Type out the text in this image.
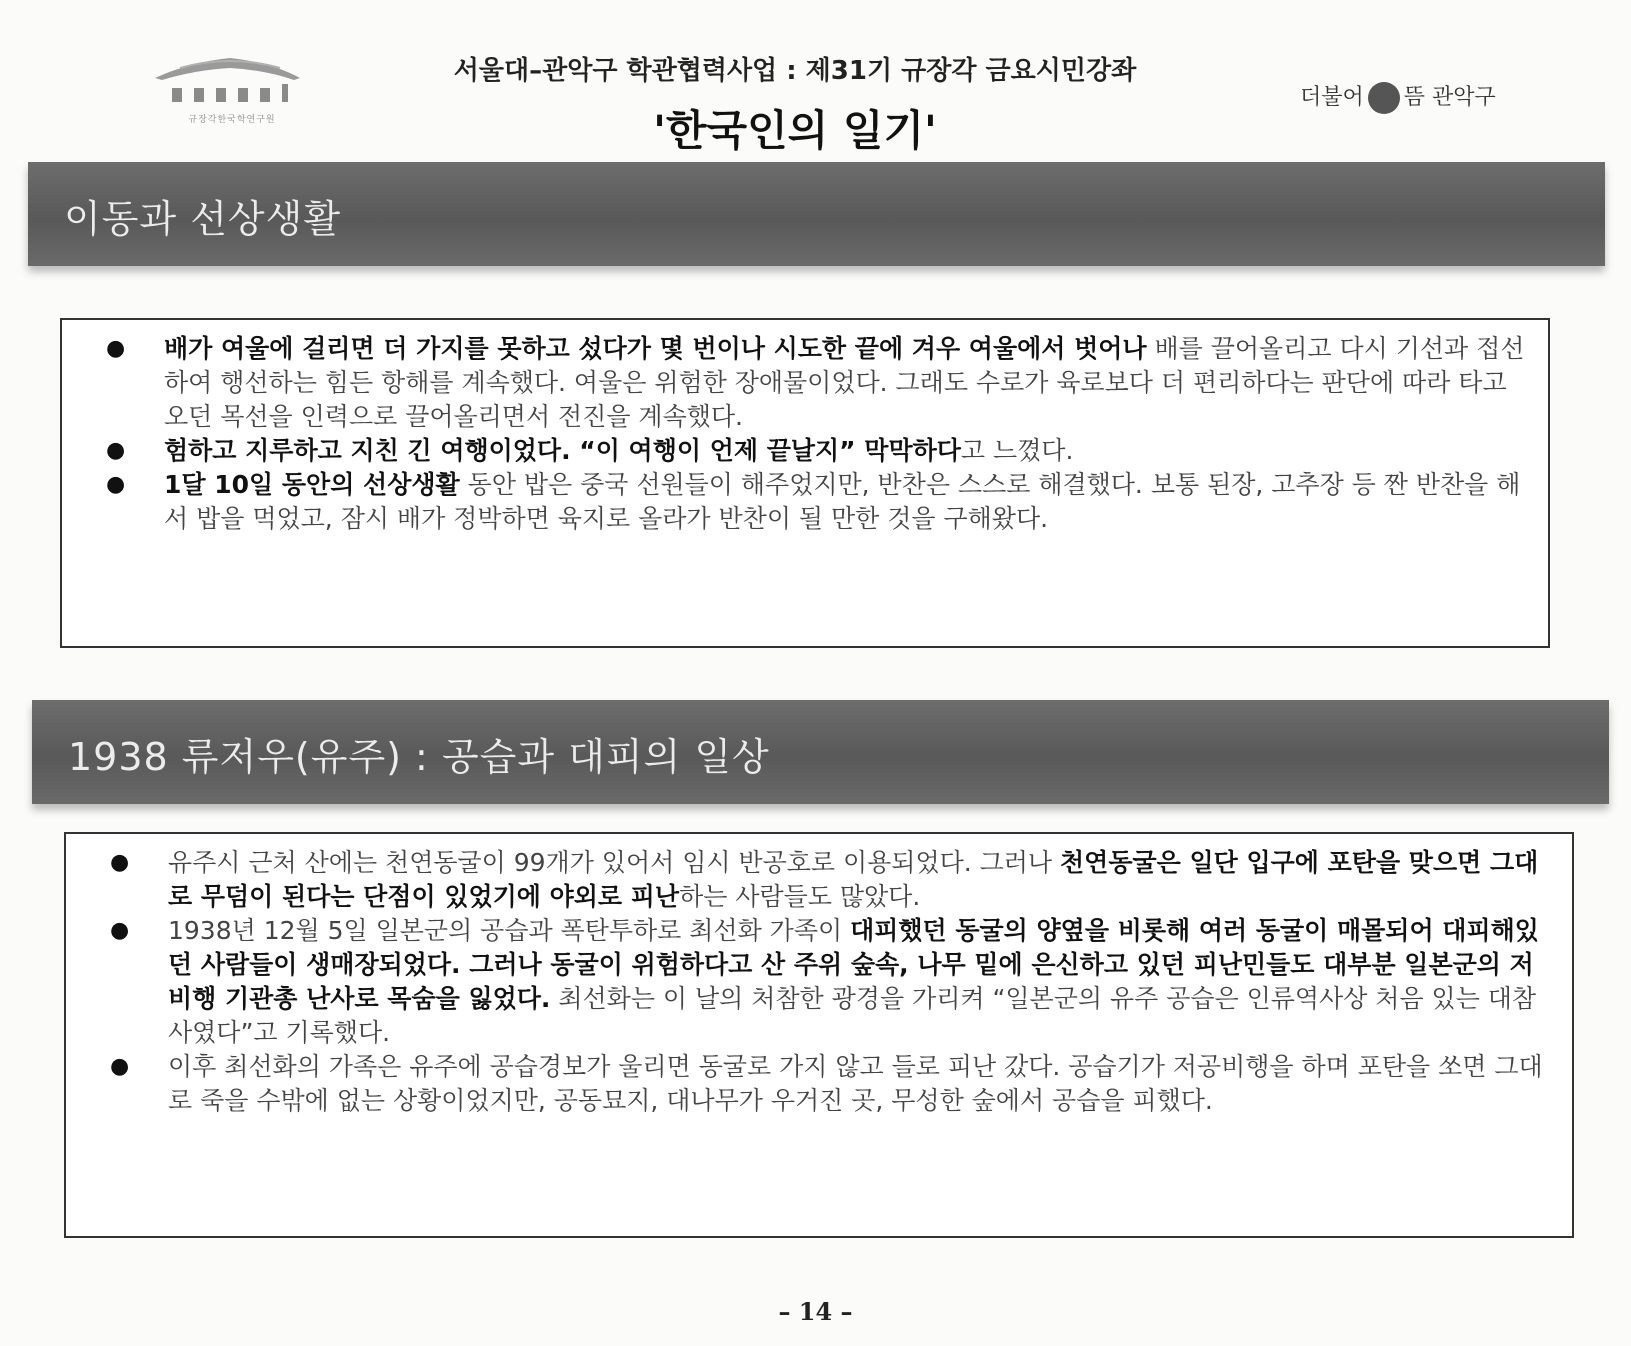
규장각한국학연구원
서울대–관악구 학관협력사업 : 제31기 규장각 금요시민강좌
'한국인의 일기'
더불어 뜸 관악구
이동과 선상생활
● 배가 여울에 걸리면 더 가지를 못하고 섰다가 몇 번이나 시도한 끝에 겨우 여울에서 벗어나 배를 끌어올리고 다시 기선과 접선하여 행선하는 힘든 항해를 계속했다. 여울은 위험한 장애물이었다. 그래도 수로가 육로보다 더 편리하다는 판단에 따라 타고 오던 목선을 인력으로 끌어올리면서 전진을 계속했다.
● 험하고 지루하고 지친 긴 여행이었다. “이 여행이 언제 끝날지” 막막하다고 느꼈다.
● 1달 10일 동안의 선상생활 동안 밥은 중국 선원들이 해주었지만, 반찬은 스스로 해결했다. 보통 된장, 고추장 등 짠 반찬을 해서 밥을 먹었고, 잠시 배가 정박하면 육지로 올라가 반찬이 될 만한 것을 구해왔다.
1938 류저우(유주) : 공습과 대피의 일상
● 유주시 근처 산에는 천연동굴이 99개가 있어서 임시 반공호로 이용되었다. 그러나 천연동굴은 일단 입구에 포탄을 맞으면 그대로 무덤이 된다는 단점이 있었기에 야외로 피난하는 사람들도 많았다.
● 1938년 12월 5일 일본군의 공습과 폭탄투하로 최선화 가족이 대피했던 동굴의 양옆을 비롯해 여러 동굴이 매몰되어 대피해있던 사람들이 생매장되었다. 그러나 동굴이 위험하다고 산 주위 숲속, 나무 밑에 은신하고 있던 피난민들도 대부분 일본군의 저비행 기관총 난사로 목숨을 잃었다. 최선화는 이 날의 처참한 광경을 가리켜 “일본군의 유주 공습은 인류역사상 처음 있는 대참사였다”고 기록했다.
● 이후 최선화의 가족은 유주에 공습경보가 울리면 동굴로 가지 않고 들로 피난 갔다. 공습기가 저공비행을 하며 포탄을 쏘면 그대로 죽을 수밖에 없는 상황이었지만, 공동묘지, 대나무가 우거진 곳, 무성한 숲에서 공습을 피했다.
– 14 –
